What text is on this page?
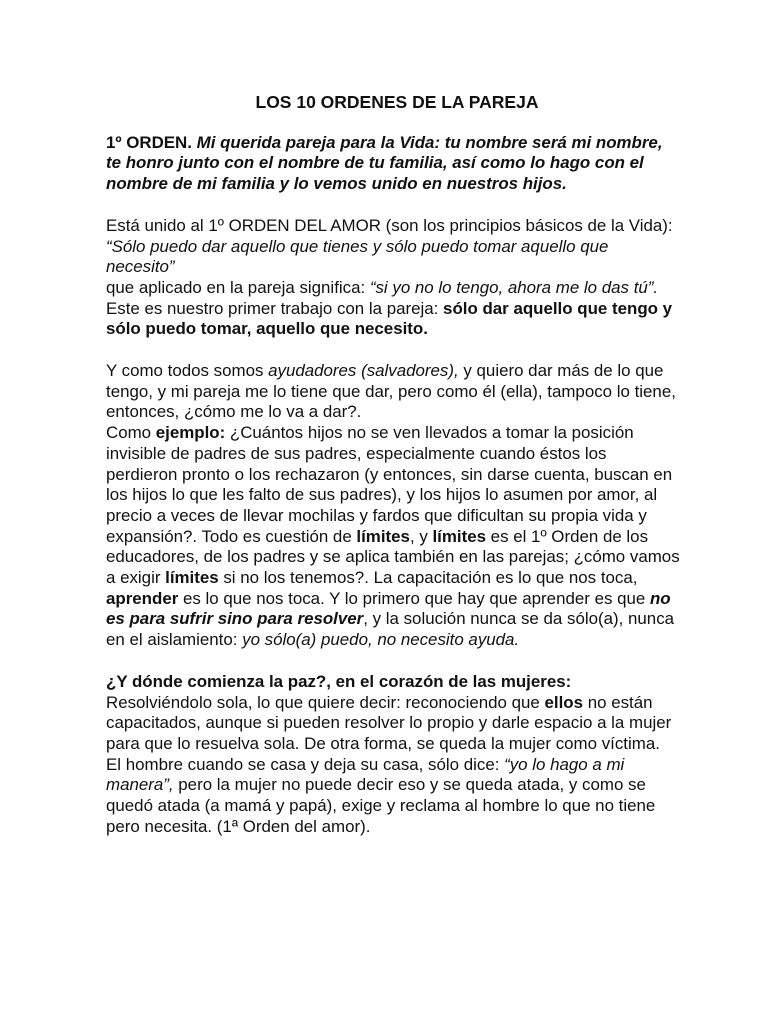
LOS 10 ORDENES DE LA PAREJA

1º ORDEN. Mi querida pareja para la Vida: tu nombre será mi nombre, te honro junto con el nombre de tu familia, así como lo hago con el nombre de mi familia y lo vemos unido en nuestros hijos.

Está unido al 1º ORDEN DEL AMOR (son los principios básicos de la Vida):

“Sólo puedo dar aquello que tienes y sólo puedo tomar aquello que necesito”

que aplicado en la pareja significa: “si yo no lo tengo, ahora me lo das tú”. Este es nuestro primer trabajo con la pareja: sólo dar aquello que tengo y sólo puedo tomar, aquello que necesito.

Y como todos somos ayudadores (salvadores), y quiero dar más de lo que tengo, y mi pareja me lo tiene que dar, pero como él (ella), tampoco lo tiene, entonces, ¿cómo me lo va a dar?.

Como ejemplo: ¿Cuántos hijos no se ven llevados a tomar la posición invisible de padres de sus padres, especialmente cuando éstos los perdieron pronto o los rechazaron (y entonces, sin darse cuenta, buscan en los hijos lo que les falto de sus padres), y los hijos lo asumen por amor, al precio a veces de llevar mochilas y fardos que dificultan su propia vida y expansión?. Todo es cuestión de límites, y límites es el 1º Orden de los educadores, de los padres y se aplica también en las parejas; ¿cómo vamos a exigir límites si no los tenemos?. La capacitación es lo que nos toca, aprender es lo que nos toca. Y lo primero que hay que aprender es que no es para sufrir sino para resolver, y la solución nunca se da sólo(a), nunca en el aislamiento: yo sólo(a) puedo, no necesito ayuda.

¿Y dónde comienza la paz?, en el corazón de las mujeres:

Resolviéndolo sola, lo que quiere decir: reconociendo que ellos no están capacitados, aunque si pueden resolver lo propio y darle espacio a la mujer para que lo resuelva sola. De otra forma, se queda la mujer como víctima.

El hombre cuando se casa y deja su casa, sólo dice: “yo lo hago a mi manera”, pero la mujer no puede decir eso y se queda atada, y como se quedó atada (a mamá y papá), exige y reclama al hombre lo que no tiene pero necesita. (1ª Orden del amor).
